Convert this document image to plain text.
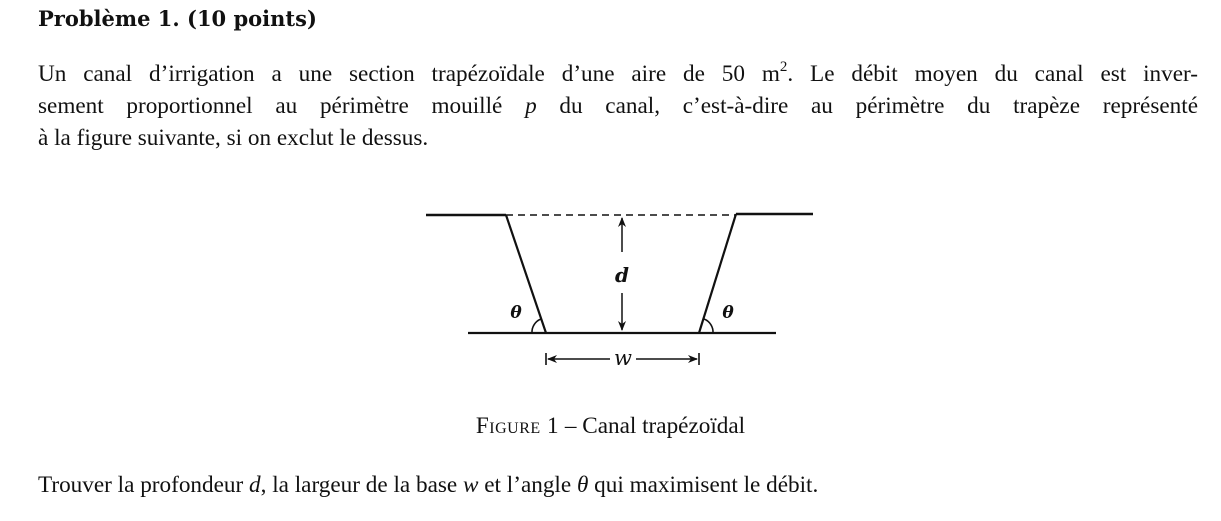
Problème 1. (10 points)

Un canal d’irrigation a une section trapézoïdale d’une aire de 50 $m^2$. Le débit moyen du canal est inver-
sement proportionnel au périmètre mouillé p du canal, c’est-à-dire au périmètre du trapèze représenté
à la figure suivante, si on exclut le dessus.

d
θ	θ
w
Figure 1 – Canal trapézoïdal

Trouver la profondeur d, la largeur de la base w et l’angle θ qui maximisent le débit.
